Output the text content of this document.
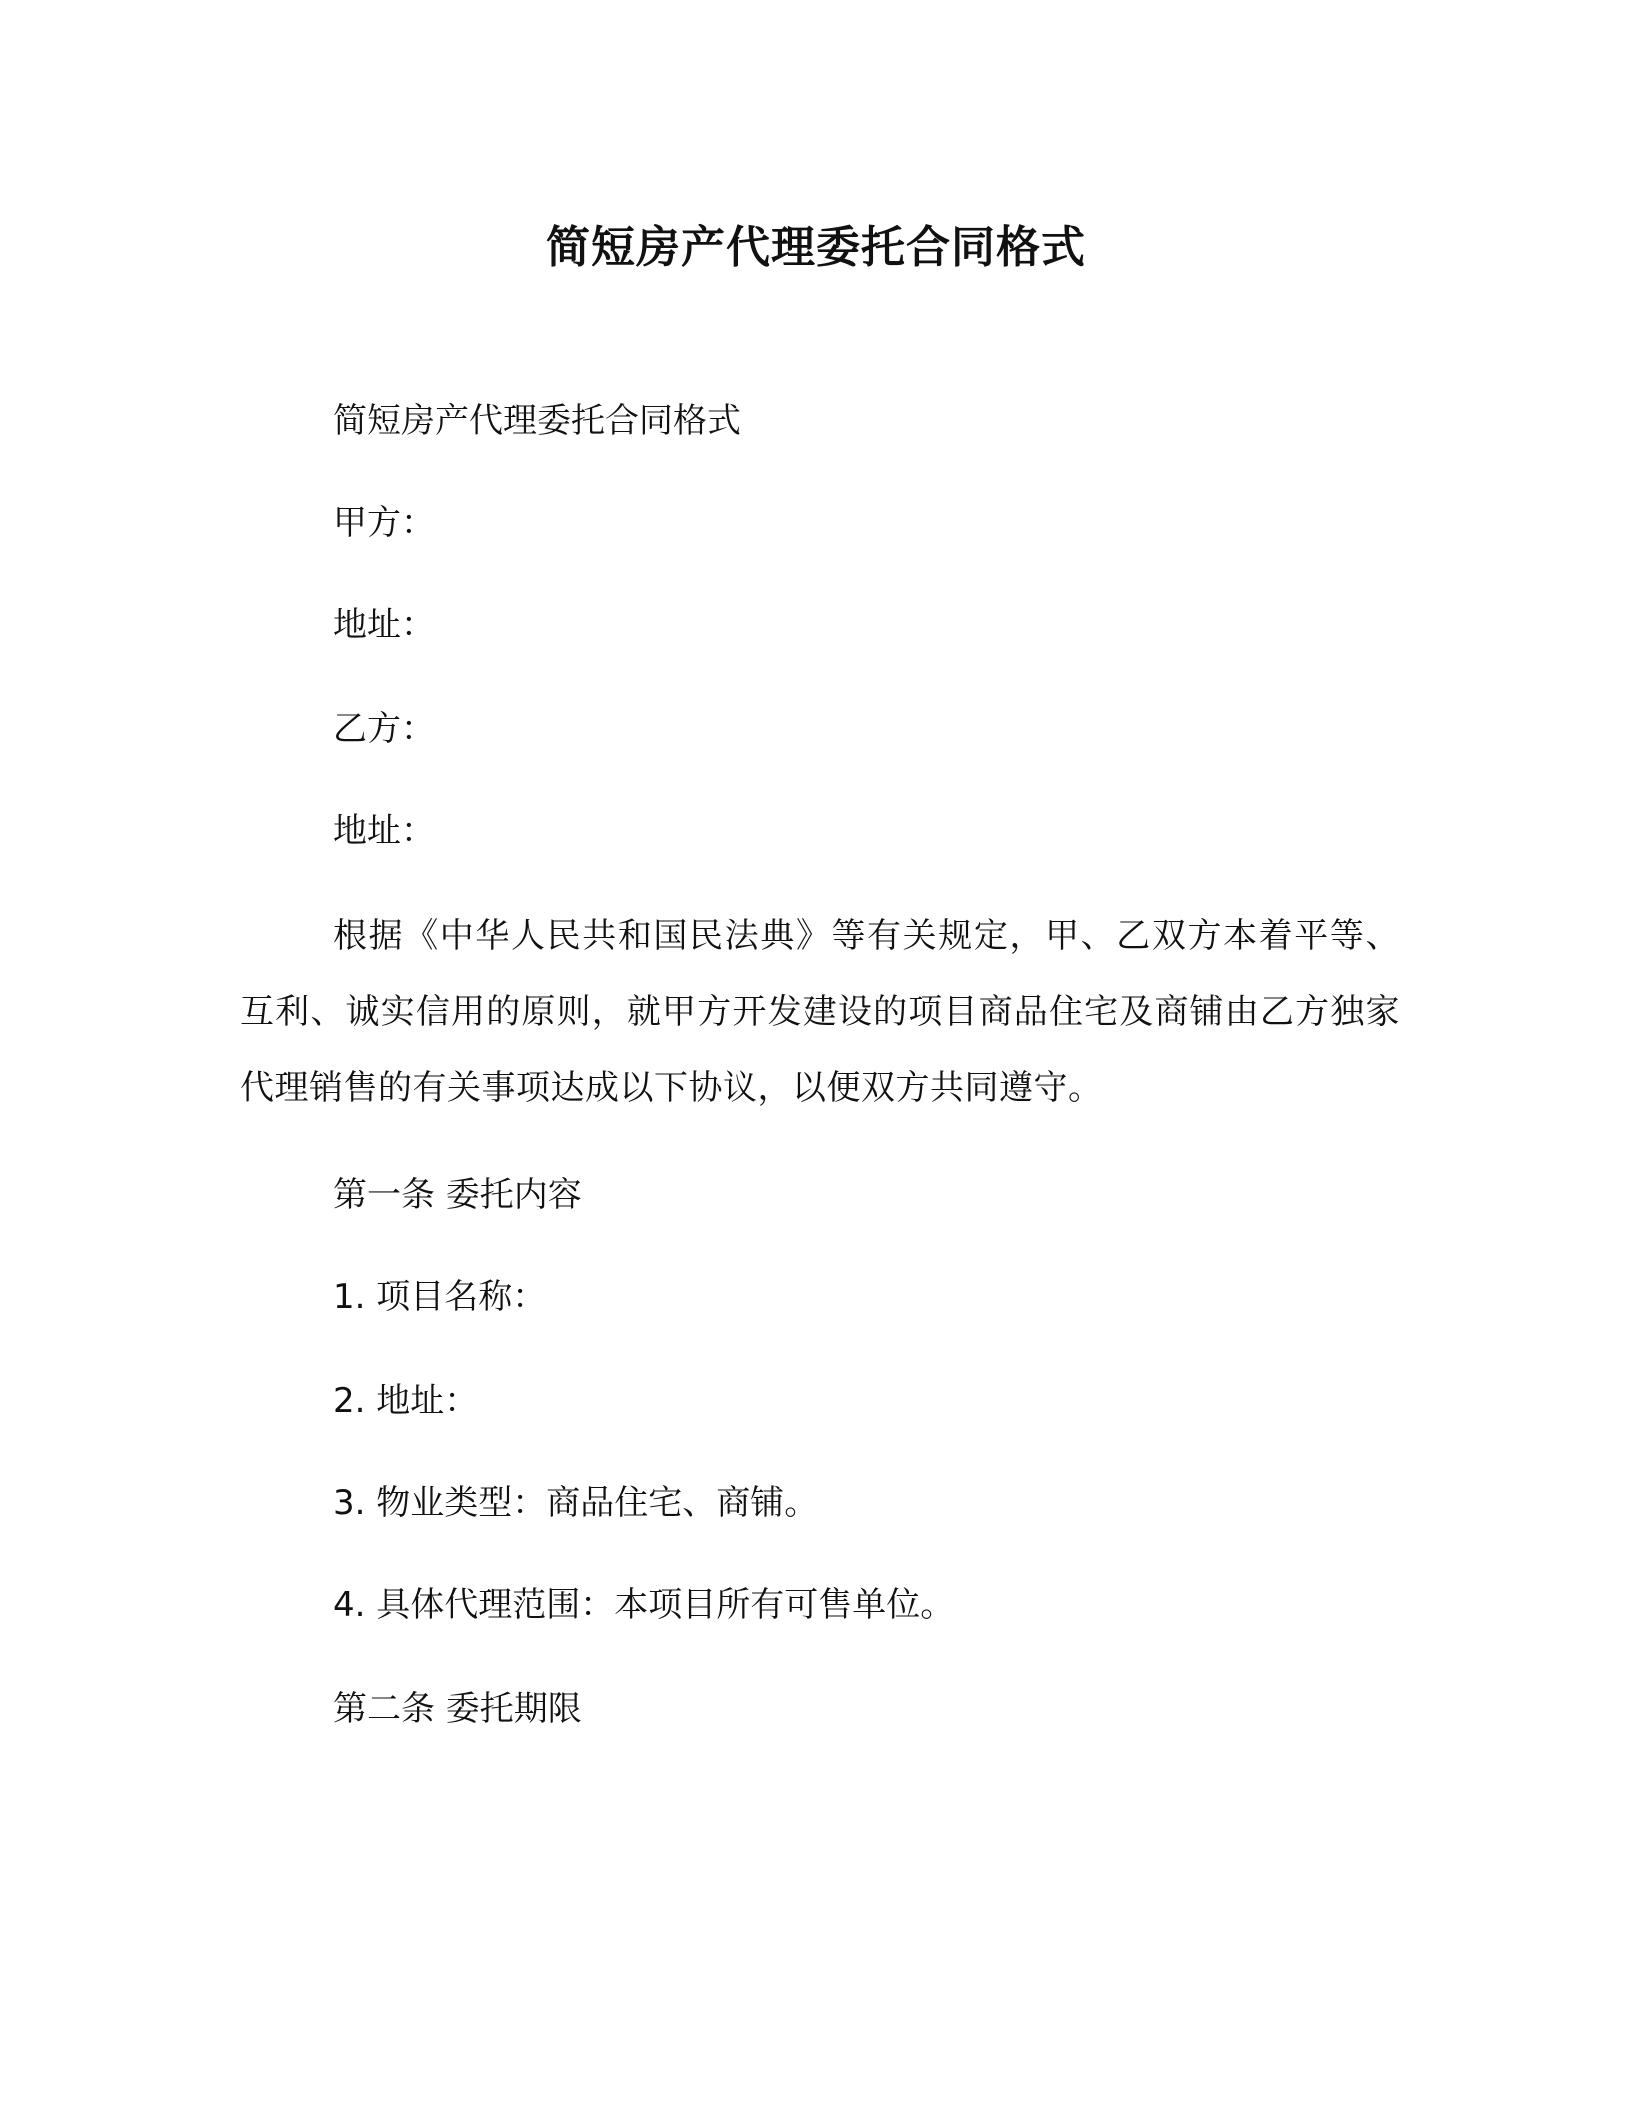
简短房产代理委托合同格式
简短房产代理委托合同格式
甲方：
地址：
乙方：
地址：
根据《中华人民共和国民法典》等有关规定，甲、乙双方本着平等、互利、诚实信用的原则，就甲方开发建设的项目商品住宅及商铺由乙方独家代理销售的有关事项达成以下协议，以便双方共同遵守。
第一条 委托内容
1. 项目名称：
2. 地址：
3. 物业类型：商品住宅、商铺。
4. 具体代理范围：本项目所有可售单位。
第二条 委托期限
